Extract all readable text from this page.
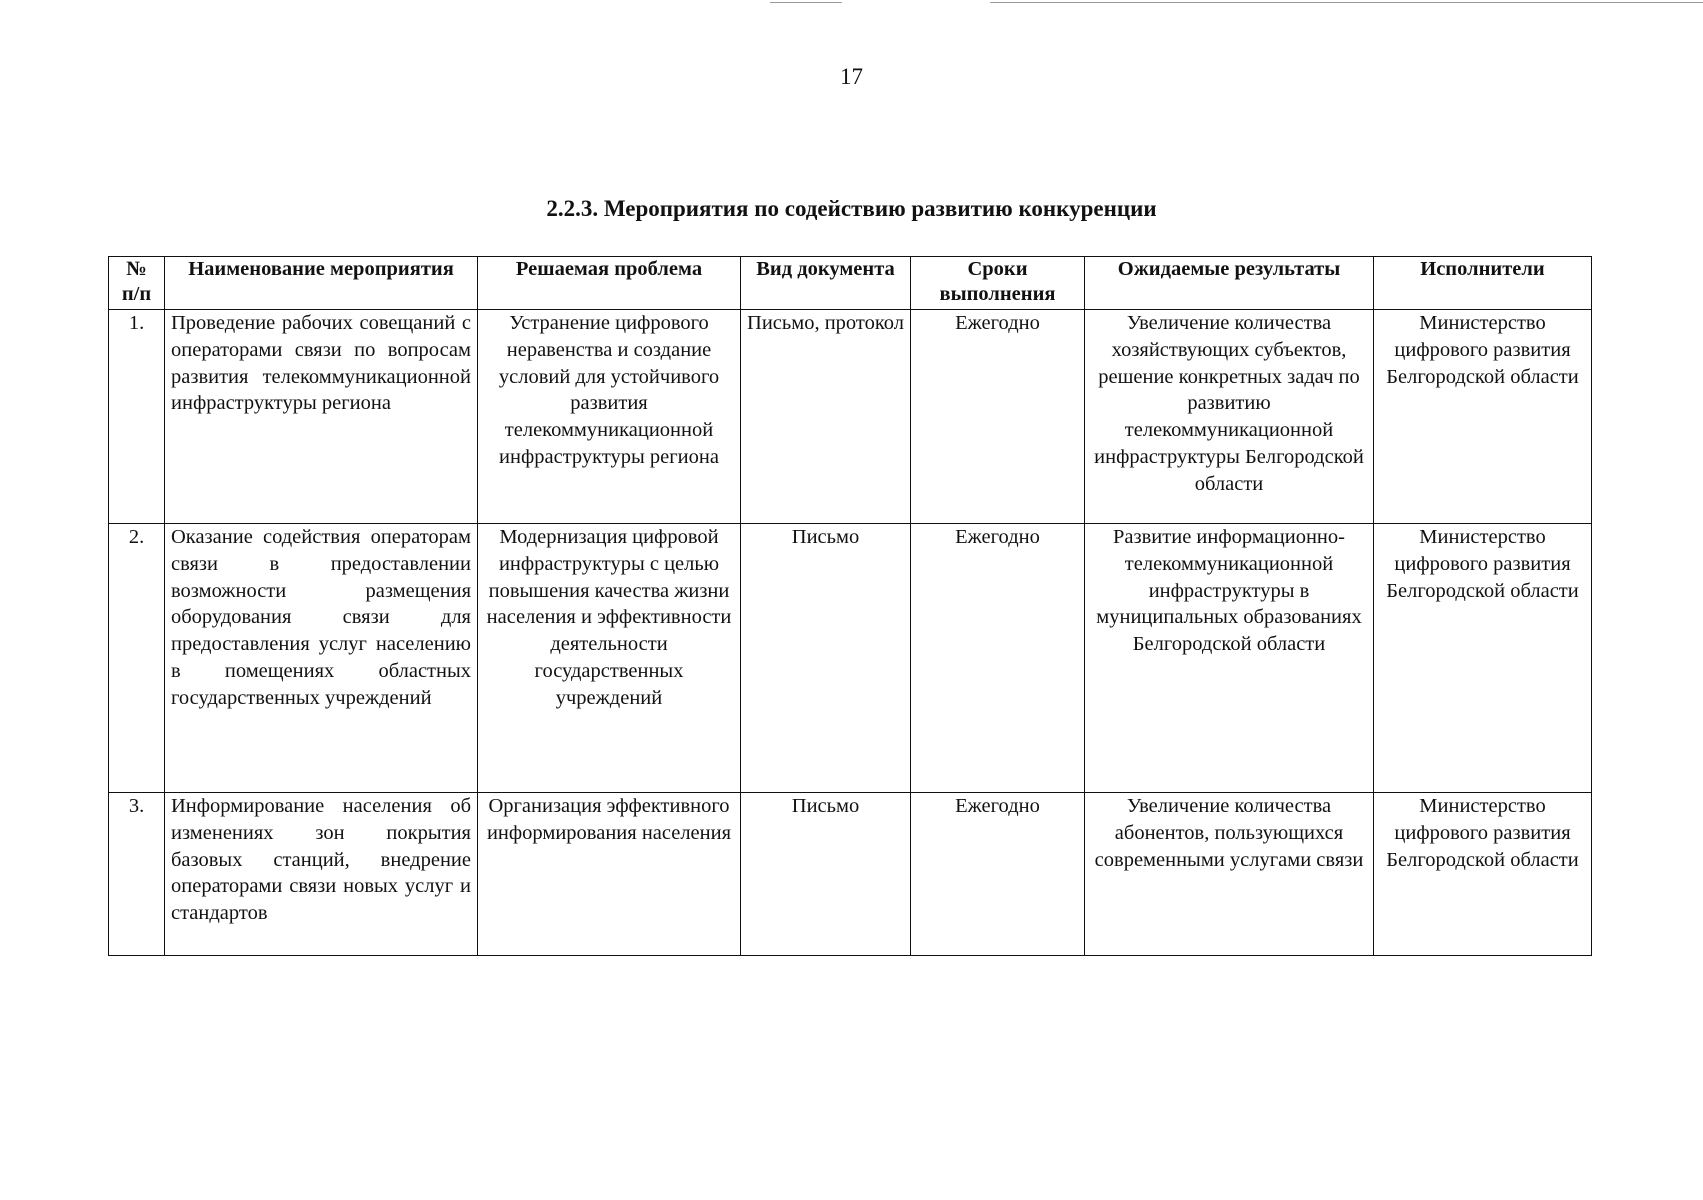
17
2.2.3. Мероприятия по содействию развитию конкуренции
№ п/п	Наименование мероприятия	Решаемая проблема	Вид документа	Сроки выполнения	Ожидаемые результаты	Исполнители
1.	Проведение рабочих совещаний с операторами связи по вопросам развития телекоммуникационной инфраструктуры региона	Устранение цифрового неравенства и создание условий для устойчивого развития телекоммуникационной инфраструктуры региона	Письмо, протокол	Ежегодно	Увеличение количества хозяйствующих субъектов, решение конкретных задач по развитию телекоммуникационной инфраструктуры Белгородской области	Министерство цифрового развития Белгородской области
2.	Оказание содействия операторам связи в предоставлении возможности размещения оборудования связи для предоставления услуг населению в помещениях областных государственных учреждений	Модернизация цифровой инфраструктуры с целью повышения качества жизни населения и эффективности деятельности государственных учреждений	Письмо	Ежегодно	Развитие информационно-телекоммуникационной инфраструктуры в муниципальных образованиях Белгородской области	Министерство цифрового развития Белгородской области
3.	Информирование населения об изменениях зон покрытия базовых станций, внедрение операторами связи новых услуг и стандартов	Организация эффективного информирования населения	Письмо	Ежегодно	Увеличение количества абонентов, пользующихся современными услугами связи	Министерство цифрового развития Белгородской области
